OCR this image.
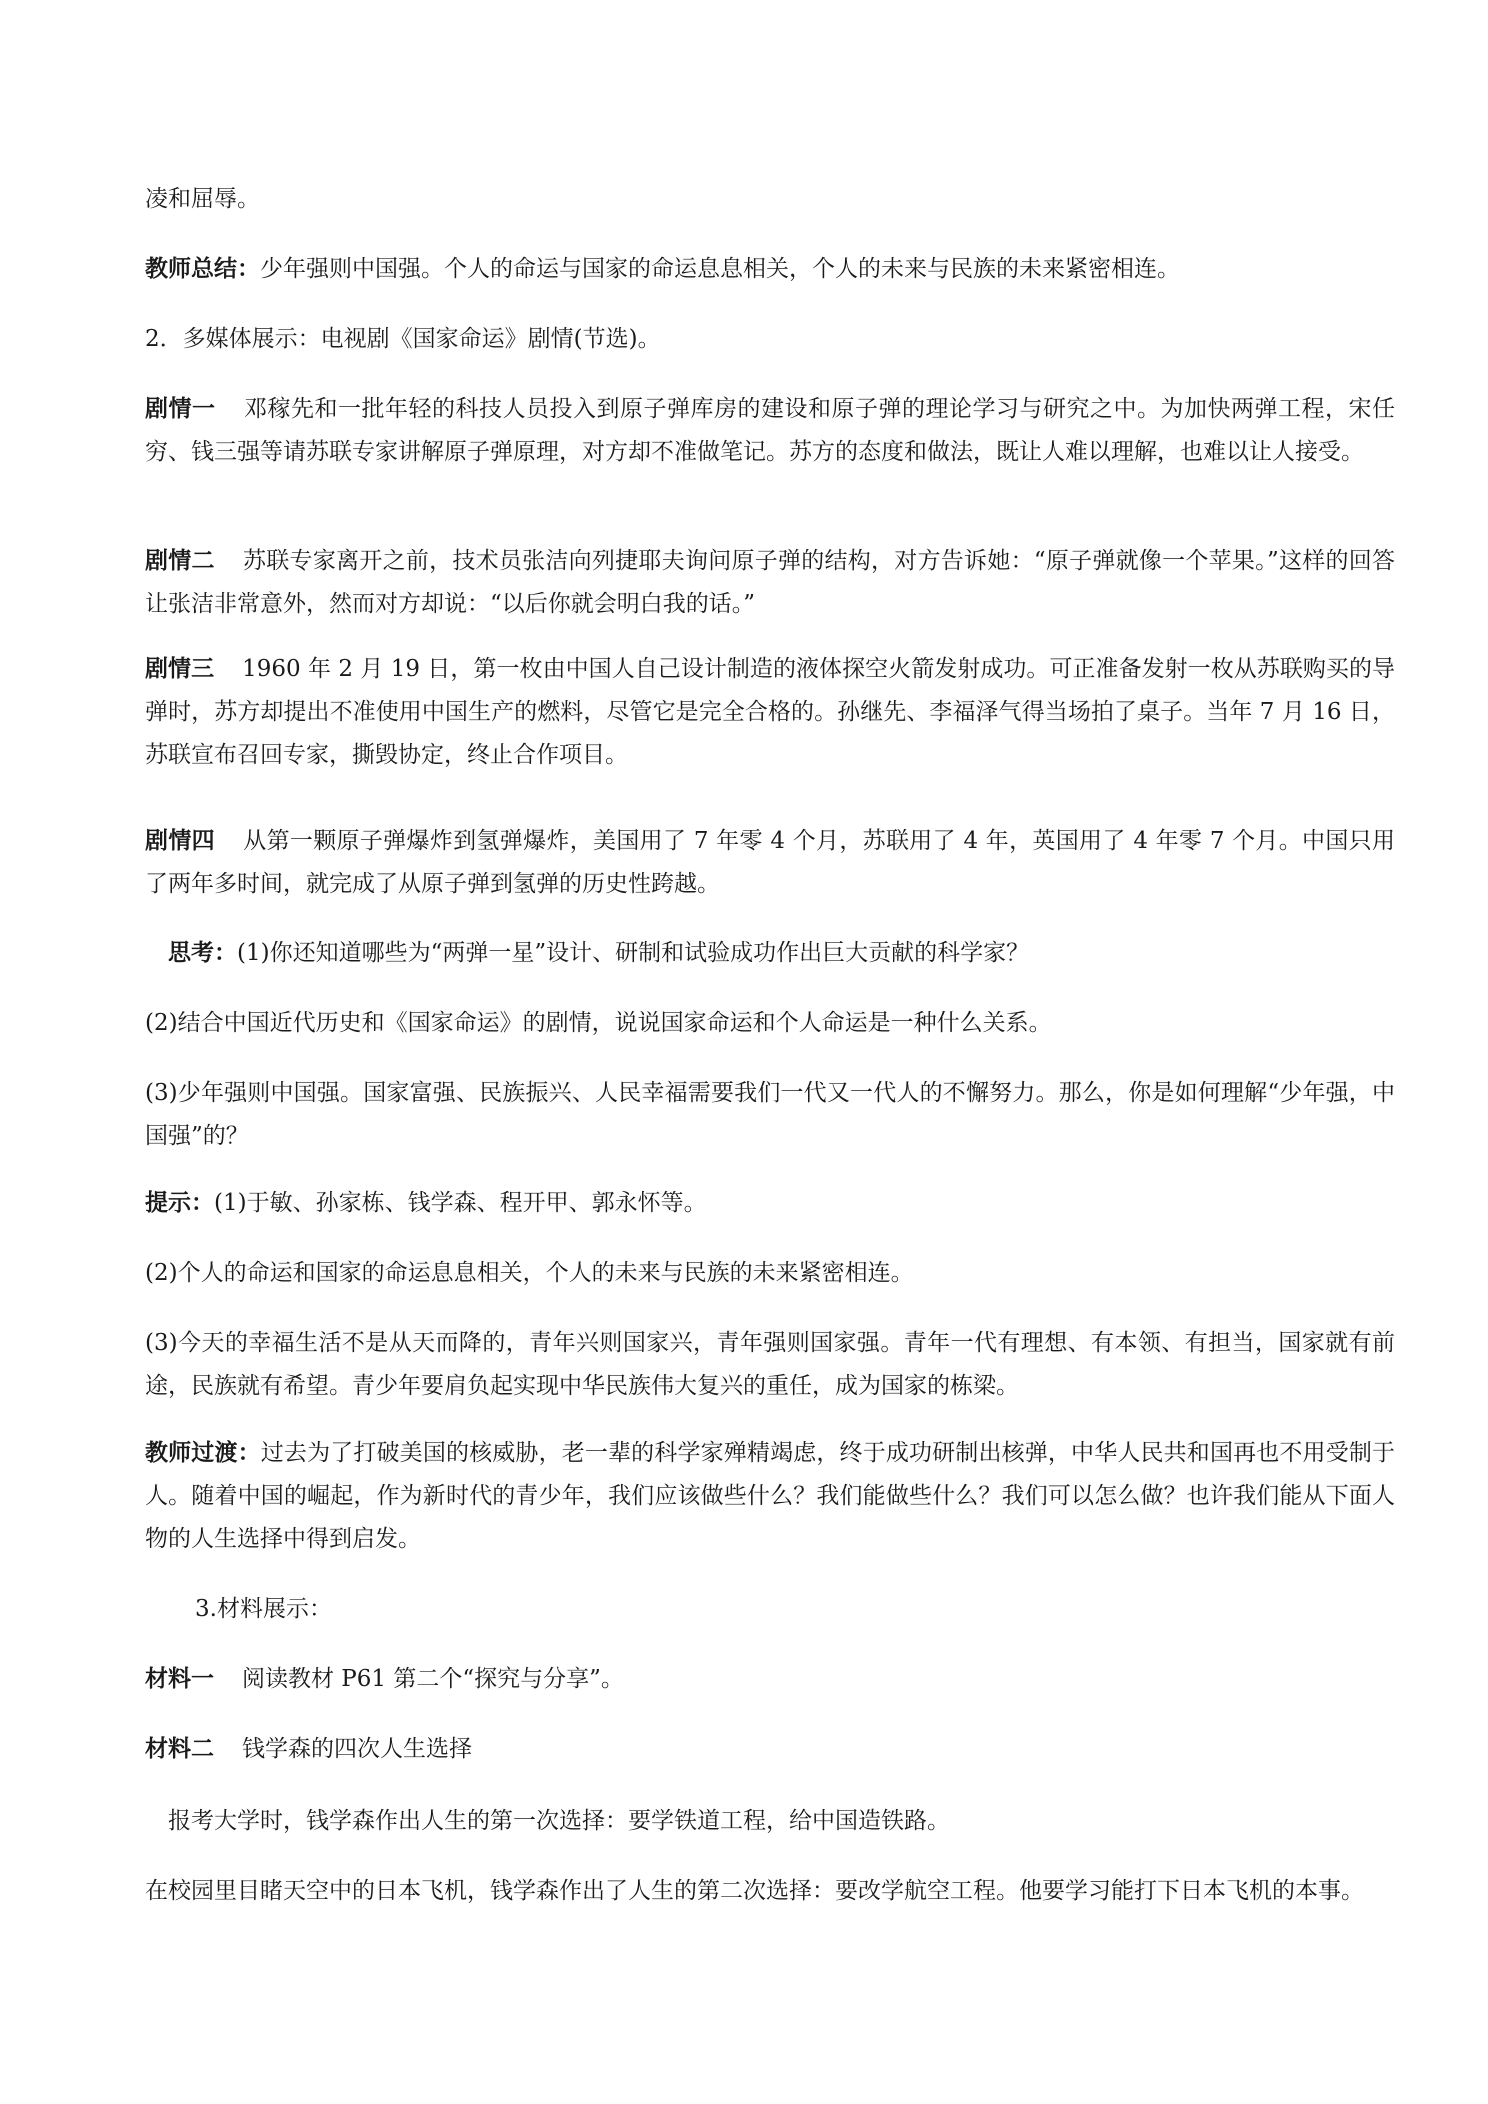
凌和屈辱。

教师总结：少年强则中国强。个人的命运与国家的命运息息相关，个人的未来与民族的未来紧密相连。

2．多媒体展示：电视剧《国家命运》剧情(节选)。

剧情一 邓稼先和一批年轻的科技人员投入到原子弹库房的建设和原子弹的理论学习与研究之中。为加快两弹工程，宋任穷、钱三强等请苏联专家讲解原子弹原理，对方却不准做笔记。苏方的态度和做法，既让人难以理解，也难以让人接受。

剧情二 苏联专家离开之前，技术员张洁向列捷耶夫询问原子弹的结构，对方告诉她：“原子弹就像一个苹果。”这样的回答让张洁非常意外，然而对方却说：“以后你就会明白我的话。”

剧情三 1960 年 2 月 19 日，第一枚由中国人自己设计制造的液体探空火箭发射成功。可正准备发射一枚从苏联购买的导弹时，苏方却提出不准使用中国生产的燃料，尽管它是完全合格的。孙继先、李福泽气得当场拍了桌子。当年 7 月 16 日，苏联宣布召回专家，撕毁协定，终止合作项目。

剧情四 从第一颗原子弹爆炸到氢弹爆炸，美国用了 7 年零 4 个月，苏联用了 4 年，英国用了 4 年零 7 个月。中国只用了两年多时间，就完成了从原子弹到氢弹的历史性跨越。

思考：(1)你还知道哪些为“两弹一星”设计、研制和试验成功作出巨大贡献的科学家？

(2)结合中国近代历史和《国家命运》的剧情，说说国家命运和个人命运是一种什么关系。

(3)少年强则中国强。国家富强、民族振兴、人民幸福需要我们一代又一代人的不懈努力。那么，你是如何理解“少年强，中国强”的？

提示：(1)于敏、孙家栋、钱学森、程开甲、郭永怀等。

(2)个人的命运和国家的命运息息相关，个人的未来与民族的未来紧密相连。

(3)今天的幸福生活不是从天而降的，青年兴则国家兴，青年强则国家强。青年一代有理想、有本领、有担当，国家就有前途，民族就有希望。青少年要肩负起实现中华民族伟大复兴的重任，成为国家的栋梁。

教师过渡：过去为了打破美国的核威胁，老一辈的科学家殚精竭虑，终于成功研制出核弹，中华人民共和国再也不用受制于人。随着中国的崛起，作为新时代的青少年，我们应该做些什么？我们能做些什么？我们可以怎么做？也许我们能从下面人物的人生选择中得到启发。

3.材料展示：

材料一 阅读教材 P61 第二个“探究与分享”。

材料二 钱学森的四次人生选择

报考大学时，钱学森作出人生的第一次选择：要学铁道工程，给中国造铁路。

在校园里目睹天空中的日本飞机，钱学森作出了人生的第二次选择：要改学航空工程。他要学习能打下日本飞机的本事。
